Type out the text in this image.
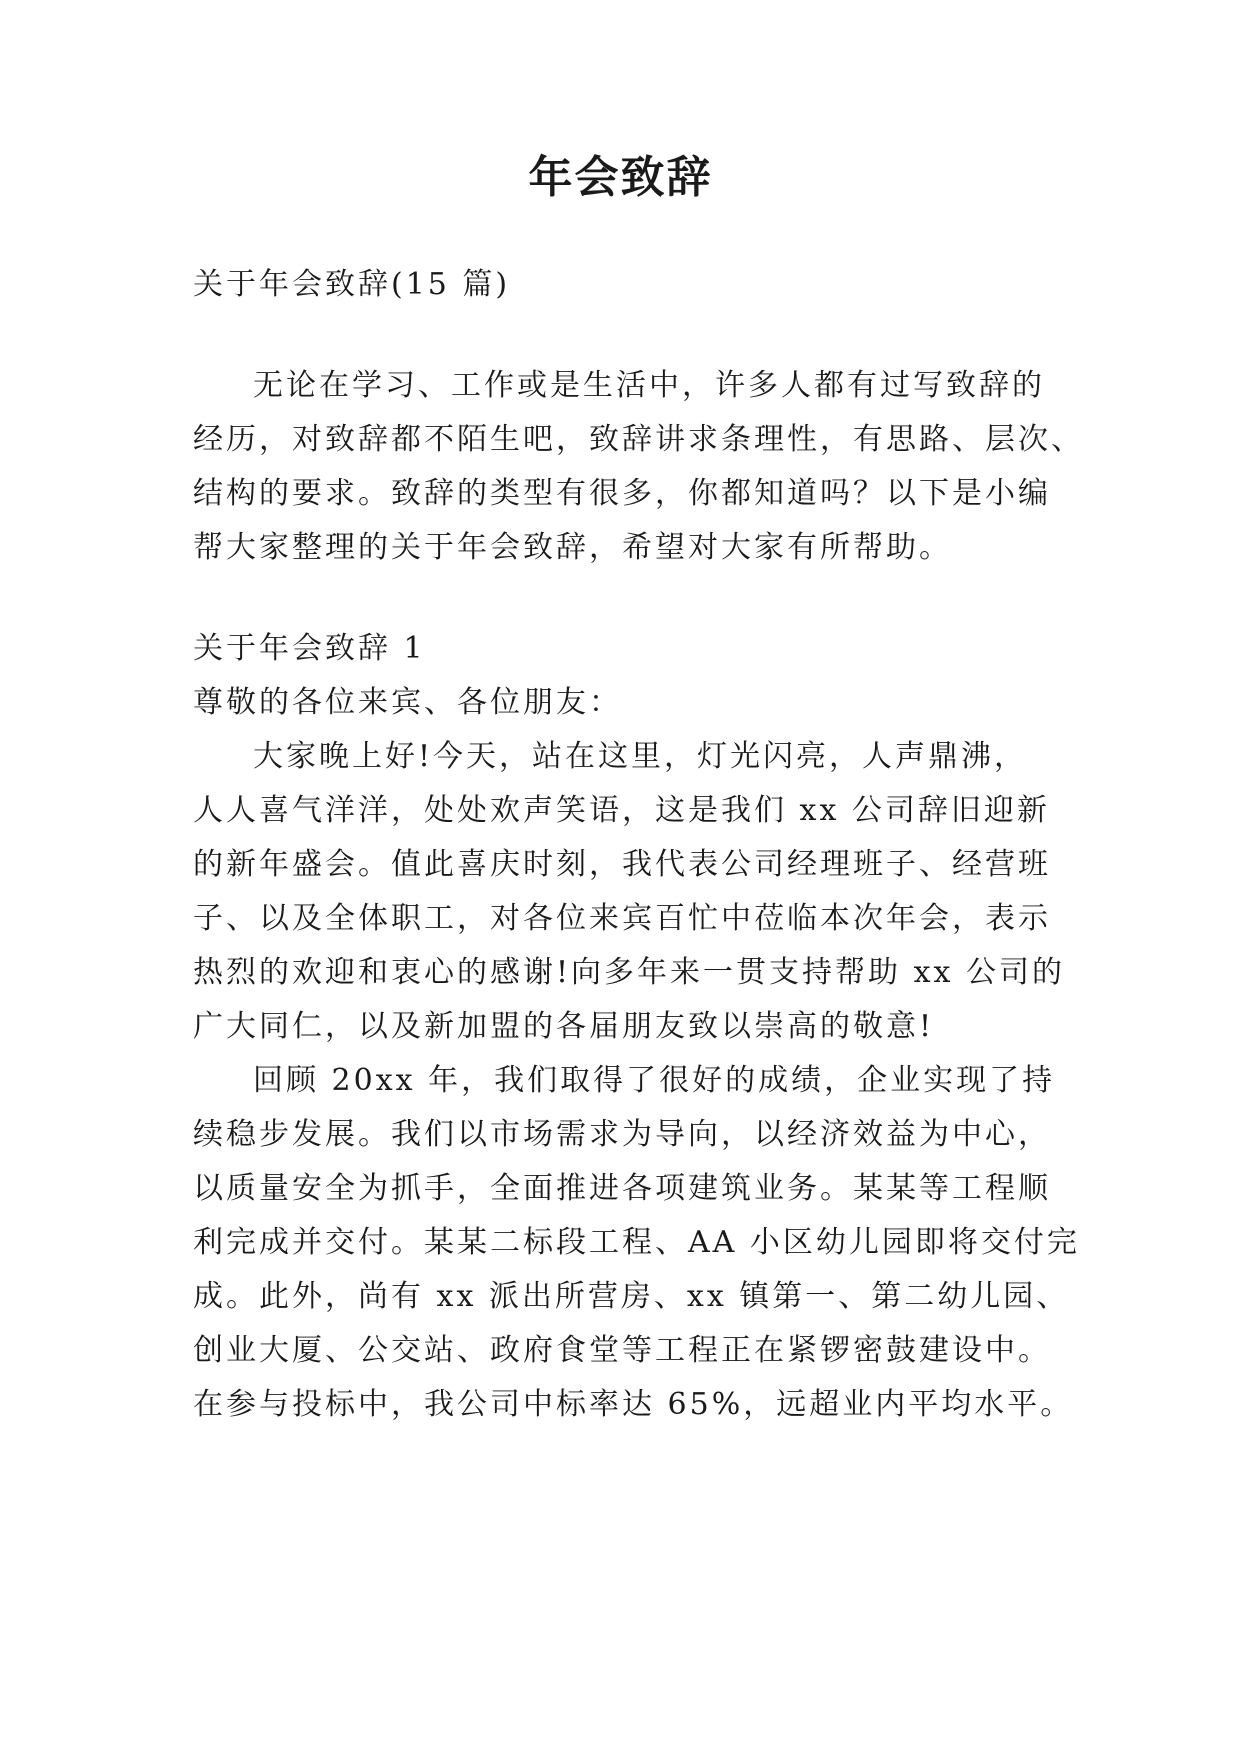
年会致辞

关于年会致辞(15 篇)

无论在学习、工作或是生活中，许多人都有过写致辞的

经历，对致辞都不陌生吧，致辞讲求条理性，有思路、层次、

结构的要求。致辞的类型有很多，你都知道吗？以下是小编

帮大家整理的关于年会致辞，希望对大家有所帮助。

关于年会致辞 1

尊敬的各位来宾、各位朋友：

大家晚上好!今天，站在这里，灯光闪亮，人声鼎沸，

人人喜气洋洋，处处欢声笑语，这是我们 xx 公司辞旧迎新

的新年盛会。值此喜庆时刻，我代表公司经理班子、经营班

子、以及全体职工，对各位来宾百忙中莅临本次年会，表示

热烈的欢迎和衷心的感谢!向多年来一贯支持帮助 xx 公司的

广大同仁，以及新加盟的各届朋友致以崇高的敬意!

回顾 20xx 年，我们取得了很好的成绩，企业实现了持

续稳步发展。我们以市场需求为导向，以经济效益为中心，

以质量安全为抓手，全面推进各项建筑业务。某某等工程顺

利完成并交付。某某二标段工程、AA 小区幼儿园即将交付完

成。此外，尚有 xx 派出所营房、xx 镇第一、第二幼儿园、

创业大厦、公交站、政府食堂等工程正在紧锣密鼓建设中。

在参与投标中，我公司中标率达 65%，远超业内平均水平。
